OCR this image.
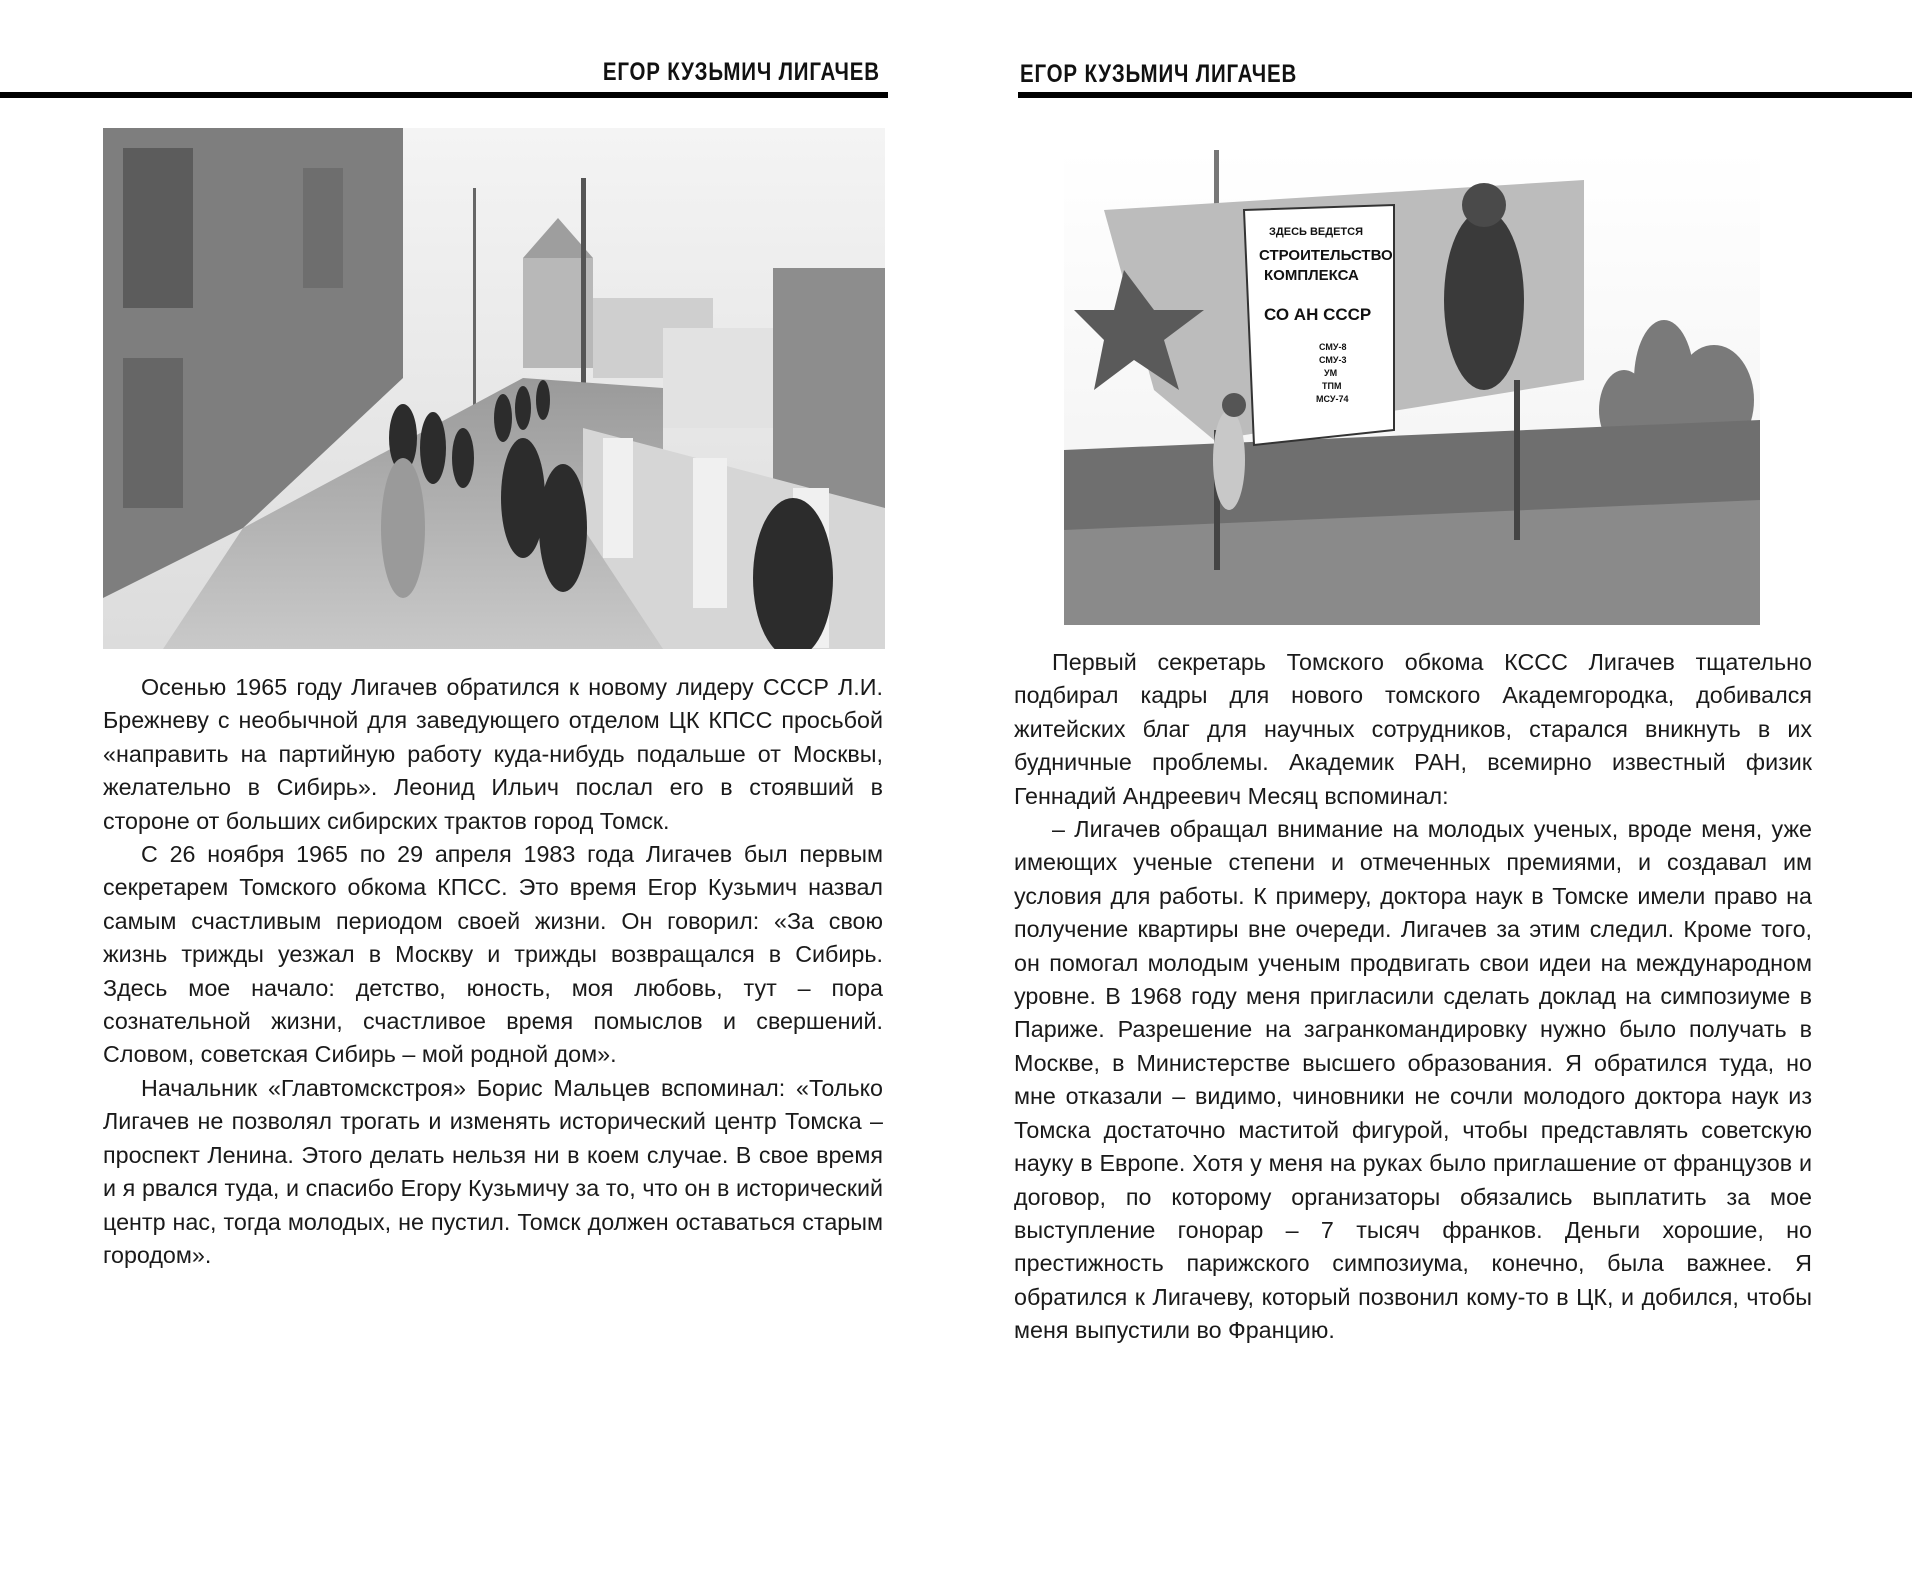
ЕГОР КУЗЬМИЧ ЛИГАЧЕВ

Осенью 1965 году Лигачев обратился к новому лидеру СССР Л.И. Брежневу с необычной для заведующего отделом ЦК КПСС просьбой «направить на партийную работу куда-нибудь подальше от Москвы, желательно в Сибирь». Леонид Ильич послал его в стоявший в стороне от больших сибирских трактов город Томск.

С 26 ноября 1965 по 29 апреля 1983 года Лигачев был первым секретарем Томского обкома КПСС. Это время Егор Кузьмич назвал самым счастливым периодом своей жизни. Он говорил: «За свою жизнь трижды уезжал в Москву и трижды возвращался в Сибирь. Здесь мое начало: детство, юность, моя любовь, тут – пора сознательной жизни, счастливое время помыслов и свершений. Словом, советская Сибирь – мой родной дом».

Начальник «Главтомскстроя» Борис Мальцев вспоминал: «Только Лигачев не позволял трогать и изменять исторический центр Томска – проспект Ленина. Этого делать нельзя ни в коем случае. В свое время и я рвался туда, и спасибо Егору Кузьмичу за то, что он в исторический центр нас, тогда молодых, не пустил. Томск должен оставаться старым городом».

ЕГОР КУЗЬМИЧ ЛИГАЧЕВ
ЗДЕСЬ ВЕДЕТСЯ
СТРОИТЕЛЬСТВО
КОМПЛЕКСА
СО АН СССР
СМУ-8
СМУ-3
УМ
ТПМ
МСУ-74

Первый секретарь Томского обкома КССС Лигачев тщательно подбирал кадры для нового томского Академгородка, добивался житейских благ для научных сотрудников, старался вникнуть в их будничные проблемы. Академик РАН, всемирно известный физик Геннадий Андреевич Месяц вспоминал:

– Лигачев обращал внимание на молодых ученых, вроде меня, уже имеющих ученые степени и отмеченных премиями, и создавал им условия для работы. К примеру, доктора наук в Томске имели право на получение квартиры вне очереди. Лигачев за этим следил. Кроме того, он помогал молодым ученым продвигать свои идеи на международном уровне. В 1968 году меня пригласили сделать доклад на симпозиуме в Париже. Разрешение на загранкомандировку нужно было получать в Москве, в Министерстве высшего образования. Я обратился туда, но мне отказали – видимо, чиновники не сочли молодого доктора наук из Томска достаточно маститой фигурой, чтобы представлять советскую науку в Европе. Хотя у меня на руках было приглашение от французов и договор, по которому организаторы обязались выплатить за мое выступление гонорар – 7 тысяч франков. Деньги хорошие, но престижность парижского симпозиума, конечно, была важнее. Я обратился к Лигачеву, который позвонил кому-то в ЦК, и добился, чтобы меня выпустили во Францию.
